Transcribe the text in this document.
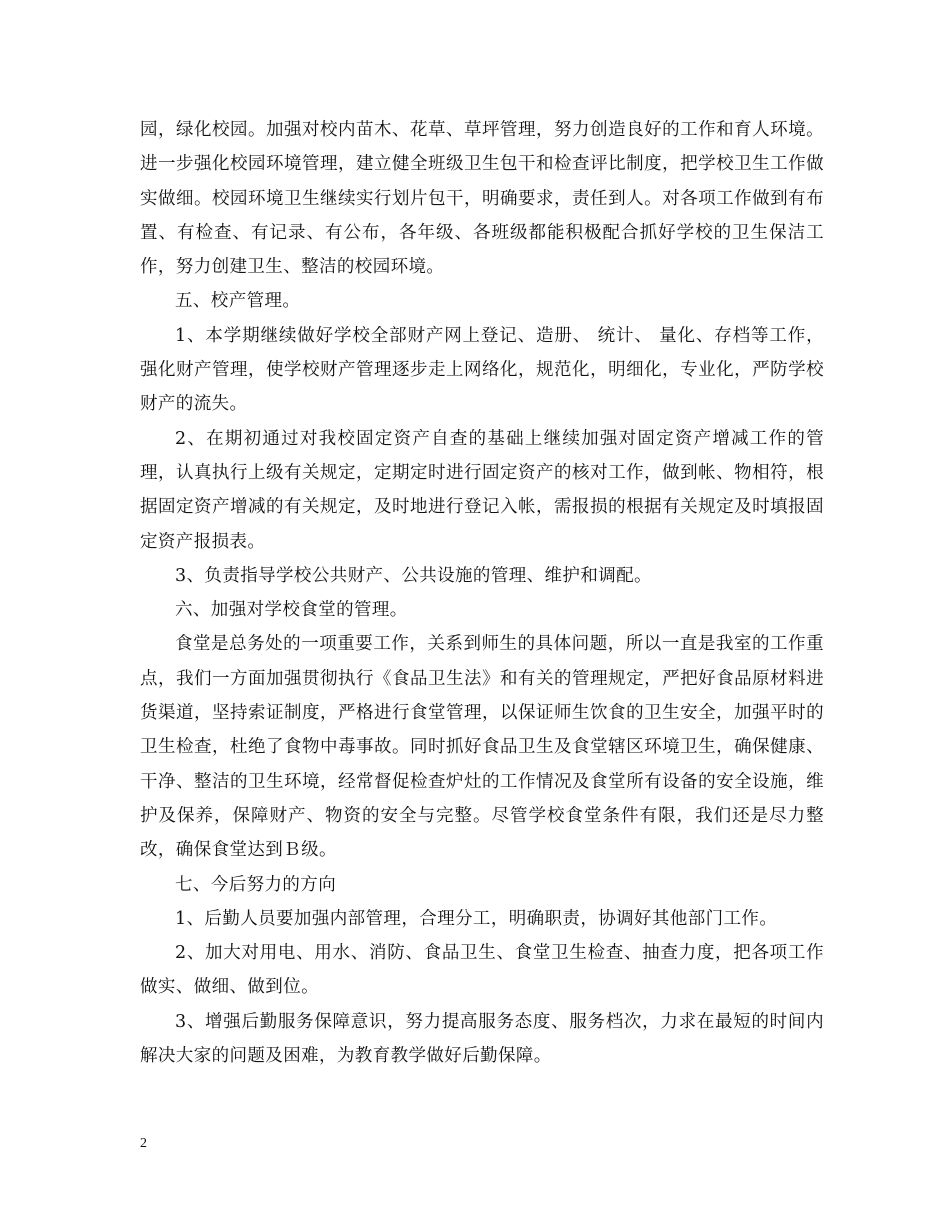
园，绿化校园。加强对校内苗木、花草、草坪管理，努力创造良好的工作和育人环境。进一步强化校园环境管理，建立健全班级卫生包干和检查评比制度，把学校卫生工作做实做细。校园环境卫生继续实行划片包干，明确要求，责任到人。对各项工作做到有布置、有检查、有记录、有公布，各年级、各班级都能积极配合抓好学校的卫生保洁工作，努力创建卫生、整洁的校园环境。

五、校产管理。

1、本学期继续做好学校全部财产网上登记、造册、 统计、 量化、存档等工作，强化财产管理，使学校财产管理逐步走上网络化，规范化，明细化，专业化，严防学校财产的流失。

2、在期初通过对我校固定资产自查的基础上继续加强对固定资产增减工作的管理，认真执行上级有关规定，定期定时进行固定资产的核对工作，做到帐、物相符，根据固定资产增减的有关规定，及时地进行登记入帐，需报损的根据有关规定及时填报固定资产报损表。

3、负责指导学校公共财产、公共设施的管理、维护和调配。

六、加强对学校食堂的管理。

食堂是总务处的一项重要工作，关系到师生的具体问题，所以一直是我室的工作重点，我们一方面加强贯彻执行《食品卫生法》和有关的管理规定，严把好食品原材料进货渠道，坚持索证制度，严格进行食堂管理，以保证师生饮食的卫生安全，加强平时的卫生检查，杜绝了食物中毒事故。同时抓好食品卫生及食堂辖区环境卫生，确保健康、干净、整洁的卫生环境，经常督促检查炉灶的工作情况及食堂所有设备的安全设施，维护及保养，保障财产、物资的安全与完整。尽管学校食堂条件有限，我们还是尽力整改，确保食堂达到Ｂ级。

七、今后努力的方向

1、后勤人员要加强内部管理，合理分工，明确职责，协调好其他部门工作。

2、加大对用电、用水、消防、食品卫生、食堂卫生检查、抽查力度，把各项工作做实、做细、做到位。

3、增强后勤服务保障意识，努力提高服务态度、服务档次，力求在最短的时间内解决大家的问题及困难，为教育教学做好后勤保障。

2
